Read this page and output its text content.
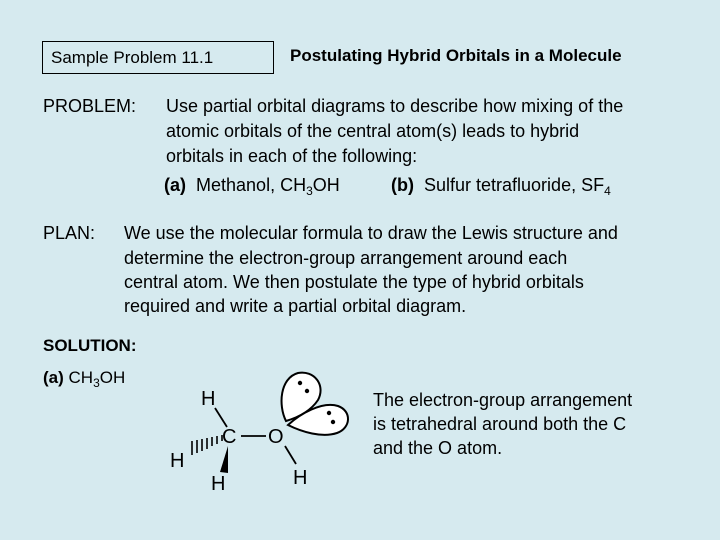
Sample Problem 11.1	Postulating Hybrid Orbitals in a Molecule
PROBLEM: Use partial orbital diagrams to describe how mixing of the
atomic orbitals of the central atom(s) leads to hybrid
orbitals in each of the following:
(a) Methanol, $CH_3OH$	(b) Sulfur tetrafluoride, $SF_4$
PLAN: We use the molecular formula to draw the Lewis structure and
determine the electron-group arrangement around each
central atom. We then postulate the type of hybrid orbitals
required and write a partial orbital diagram.
SOLUTION:
(a) $CH_3OH$
The electron-group arrangement
is tetrahedral around both the C
and the O atom.
H
C O
H
H	H
